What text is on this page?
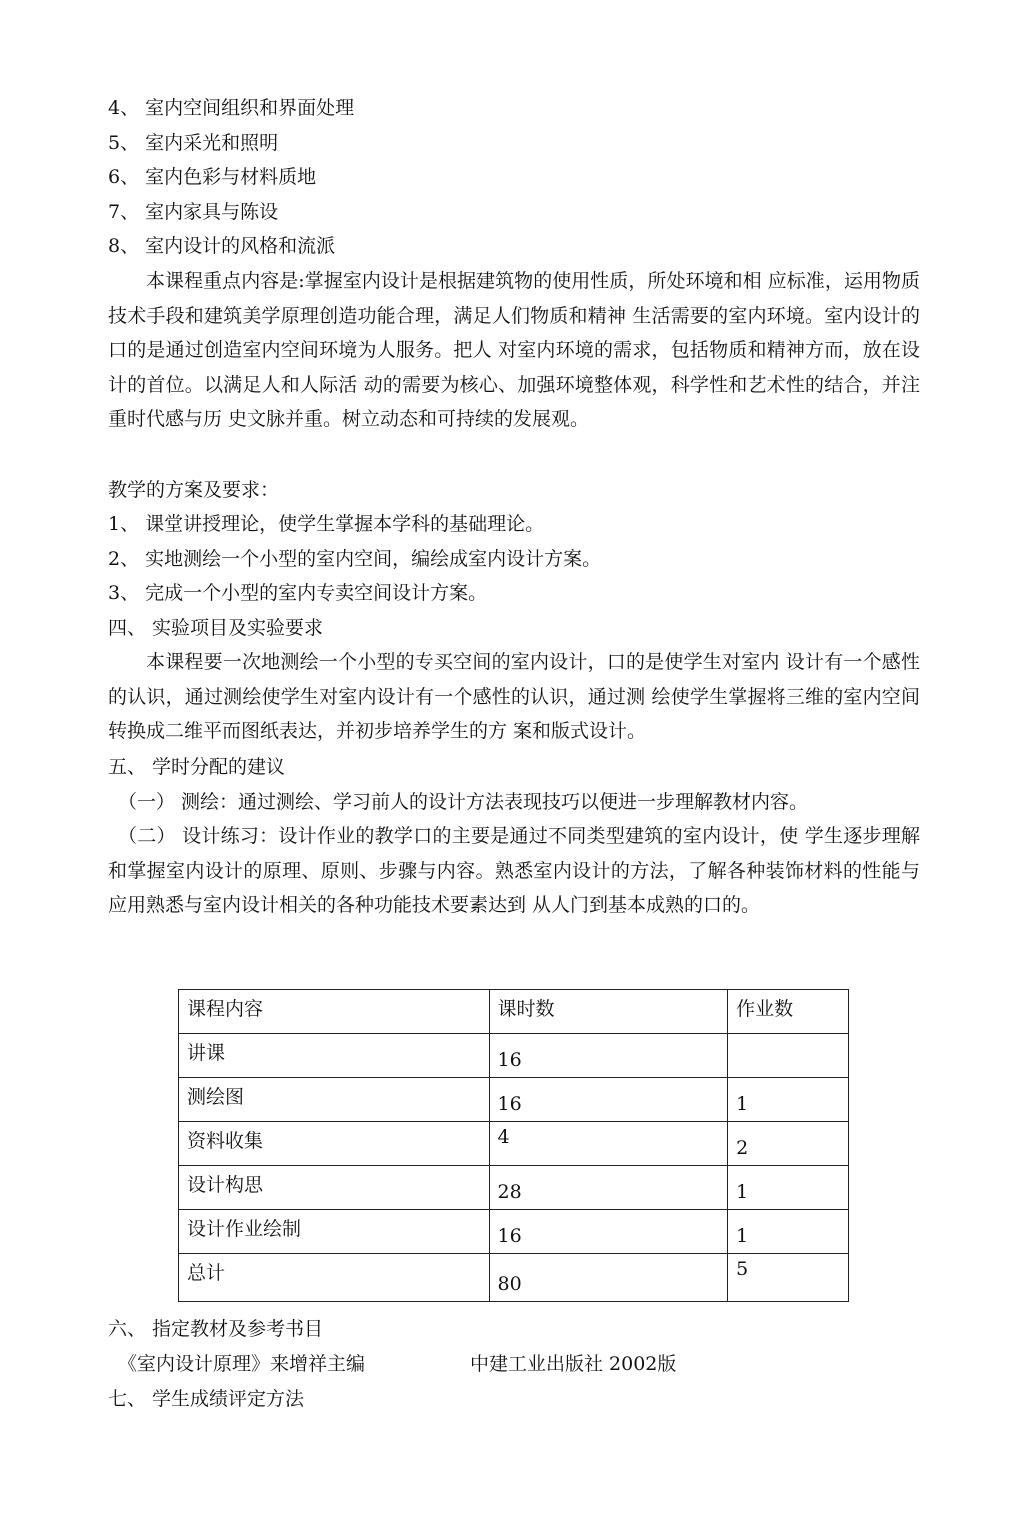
4、 室内空间组织和界面处理
5、 室内采光和照明
6、 室内色彩与材料质地
7、 室内家具与陈设
8、 室内设计的风格和流派
本课程重点内容是:掌握室内设计是根据建筑物的使用性质，所处环境和相 应标准，运用物质技术手段和建筑美学原理创造功能合理，满足人们物质和精神 生活需要的室内环境。室内设计的口的是通过创造室内空间环境为人服务。把人 对室内环境的需求，包括物质和精神方而，放在设计的首位。以满足人和人际活 动的需要为核心、加强环境整体观，科学性和艺术性的结合，并注重时代感与历 史文脉并重。树立动态和可持续的发展观。
教学的方案及要求：
1、 课堂讲授理论，使学生掌握本学科的基础理论。
2、 实地测绘一个小型的室内空间，编绘成室内设计方案。
3、 完成一个小型的室内专卖空间设计方案。
四、 实验项目及实验要求
本课程要一次地测绘一个小型的专买空间的室内设计，口的是使学生对室内 设计有一个感性的认识，通过测绘使学生对室内设计有一个感性的认识，通过测 绘使学生掌握将三维的室内空间转换成二维平而图纸表达，并初步培养学生的方 案和版式设计。
五、 学时分配的建议
（一） 测绘：通过测绘、学习前人的设计方法表现技巧以便进一步理解教材内容。
（二） 设计练习：设计作业的教学口的主要是通过不同类型建筑的室内设计，使 学生逐步理解和掌握室内设计的原理、原则、步骤与内容。熟悉室内设计的方法，了解各种装饰材料的性能与应用熟悉与室内设计相关的各种功能技术要素达到 从人门到基本成熟的口的。
课程内容	课时数	作业数
讲课	16	
测绘图	16	1
资料收集	4	2
设计构思	28	1
设计作业绘制	16	1
总计	80	5
六、 指定教材及参考书目
《室内设计原理》来增祥主编	中建工业出版社 2002版
七、 学生成绩评定方法
